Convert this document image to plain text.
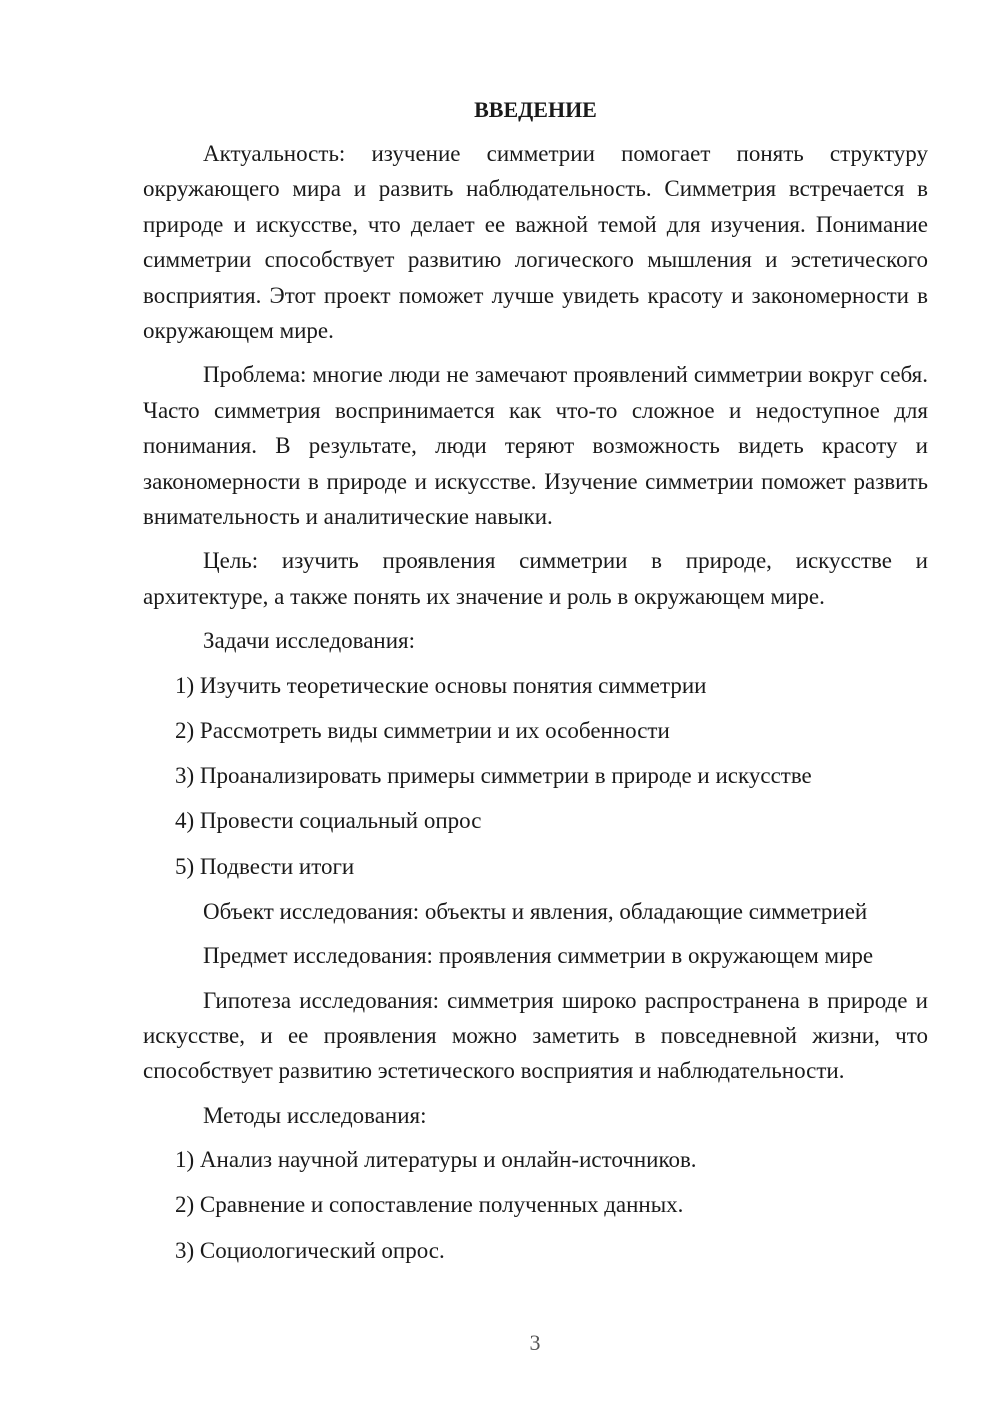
ВВЕДЕНИЕ

Актуальность: изучение симметрии помогает понять структуру окружающего мира и развить наблюдательность. Симметрия встречается в природе и искусстве, что делает ее важной темой для изучения. Понимание симметрии способствует развитию логического мышления и эстетического восприятия. Этот проект поможет лучше увидеть красоту и закономерности в окружающем мире.

Проблема: многие люди не замечают проявлений симметрии вокруг себя. Часто симметрия воспринимается как что-то сложное и недоступное для понимания. В результате, люди теряют возможность видеть красоту и закономерности в природе и искусстве. Изучение симметрии поможет развить внимательность и аналитические навыки.

Цель: изучить проявления симметрии в природе, искусстве и архитектуре, а также понять их значение и роль в окружающем мире.

Задачи исследования:

1) Изучить теоретические основы понятия симметрии
2) Рассмотреть виды симметрии и их особенности
3) Проанализировать примеры симметрии в природе и искусстве
4) Провести социальный опрос
5) Подвести итоги

Объект исследования: объекты и явления, обладающие симметрией

Предмет исследования: проявления симметрии в окружающем мире

Гипотеза исследования: симметрия широко распространена в природе и искусстве, и ее проявления можно заметить в повседневной жизни, что способствует развитию эстетического восприятия и наблюдательности.

Методы исследования:

1) Анализ научной литературы и онлайн-источников.
2) Сравнение и сопоставление полученных данных.
3) Социологический опрос.
3
